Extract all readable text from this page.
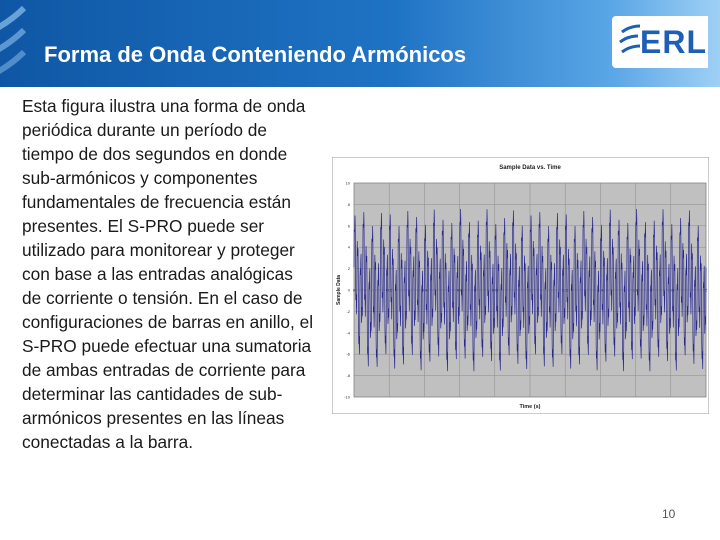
Forma de Onda Conteniendo Armónicos	ERL
Esta figura ilustra una forma de onda periódica durante un período de tiempo de dos segundos en donde sub-armónicos y componentes fundamentales de frecuencia están presentes. El S-PRO puede ser utilizado para monitorear y proteger con base a las entradas analógicas de corriente o tensión. En el caso de configuraciones de barras en anillo, el S-PRO puede efectuar una sumatoria de ambas entradas de corriente para determinar las cantidades de sub-armónicos presentes en las líneas conectadas a la barra.
10
8
6
4
2
0
-2
-4
-6
-8
-10
0	0.2	0.4	0.6	0.8	1	1.2	1.4	1.6	1.8	2
Sample Data vs. Time
Time (s)
Sample Data
10
